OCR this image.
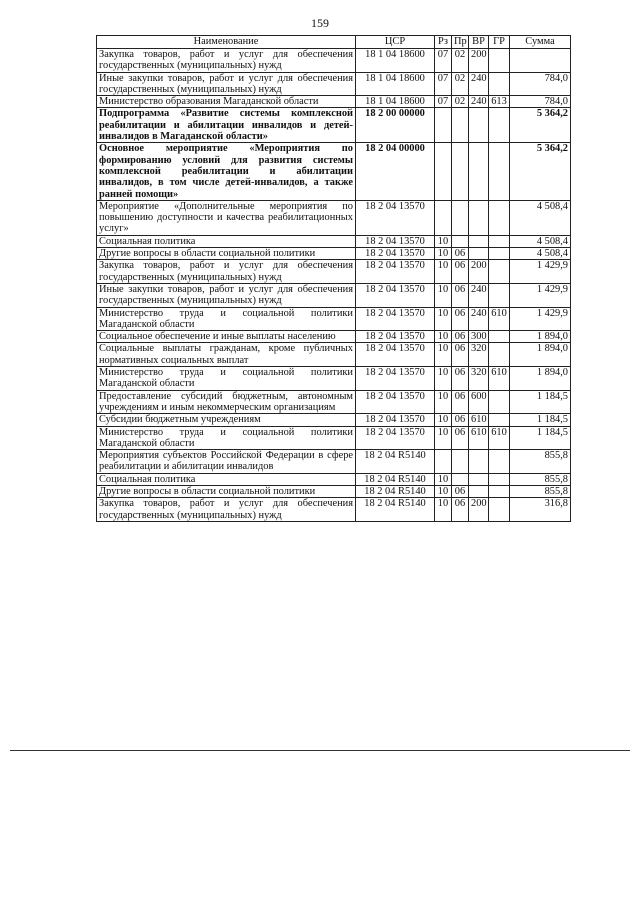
159
Наименование	ЦСР	Рз	Пр	ВР	ГР	Сумма
Закупка товаров, работ и услуг для обеспечения государственных (муниципальных) нужд	18 1 04 18600	07	02	200		
Иные закупки товаров, работ и услуг для обеспечения государственных (муниципальных) нужд	18 1 04 18600	07	02	240		784,0
Министерство образования Магаданской области	18 1 04 18600	07	02	240	613	784,0
Подпрограмма «Развитие системы комплексной реабилитации и абилитации инвалидов и детей-инвалидов в Магаданской области»	18 2 00 00000					5 364,2
Основное мероприятие «Мероприятия по формированию условий для развития системы комплексной реабилитации и абилитации инвалидов, в том числе детей-инвалидов, а также ранней помощи»	18 2 04 00000					5 364,2
Мероприятие «Дополнительные мероприятия по повышению доступности и качества реабилитационных услуг»	18 2 04 13570					4 508,4
Социальная политика	18 2 04 13570	10				4 508,4
Другие вопросы в области социальной политики	18 2 04 13570	10	06			4 508,4
Закупка товаров, работ и услуг для обеспечения государственных (муниципальных) нужд	18 2 04 13570	10	06	200		1 429,9
Иные закупки товаров, работ и услуг для обеспечения государственных (муниципальных) нужд	18 2 04 13570	10	06	240		1 429,9
Министерство труда и социальной политики Магаданской области	18 2 04 13570	10	06	240	610	1 429,9
Социальное обеспечение и иные выплаты населению	18 2 04 13570	10	06	300		1 894,0
Социальные выплаты гражданам, кроме публичных нормативных социальных выплат	18 2 04 13570	10	06	320		1 894,0
Министерство труда и социальной политики Магаданской области	18 2 04 13570	10	06	320	610	1 894,0
Предоставление субсидий бюджетным, автономным учреждениям и иным некоммерческим организациям	18 2 04 13570	10	06	600		1 184,5
Субсидии бюджетным учреждениям	18 2 04 13570	10	06	610		1 184,5
Министерство труда и социальной политики Магаданской области	18 2 04 13570	10	06	610	610	1 184,5
Мероприятия субъектов Российской Федерации в сфере реабилитации и абилитации инвалидов	18 2 04 R5140					855,8
Социальная политика	18 2 04 R5140	10				855,8
Другие вопросы в области социальной политики	18 2 04 R5140	10	06			855,8
Закупка товаров, работ и услуг для обеспечения государственных (муниципальных) нужд	18 2 04 R5140	10	06	200		316,8
